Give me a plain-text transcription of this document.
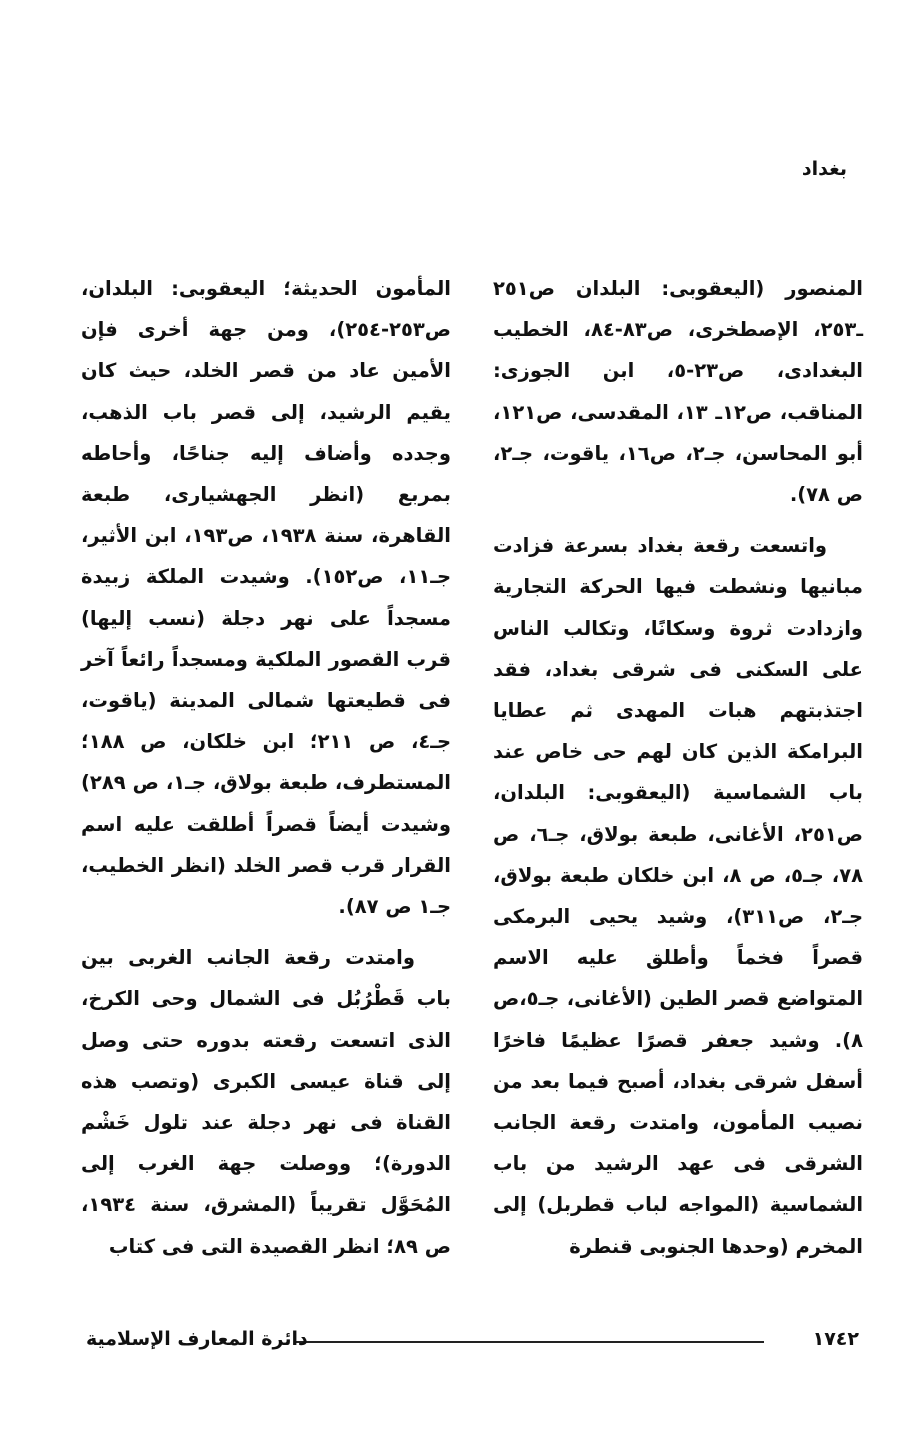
بغداد

المنصور (اليعقوبى: البلدان ص٢٥١ ـ٢٥٣، الإصطخرى، ص٨٣-٨٤، الخطيب البغدادى، ص٢٣-٥، ابن الجوزى: المناقب، ص١٢ـ ١٣، المقدسى، ص١٢١، أبو المحاسن، جـ٢، ص١٦، ياقوت، جـ٢، ص ٧٨).

واتسعت رقعة بغداد بسرعة فزادت مبانيها ونشطت فيها الحركة التجارية وازدادت ثروة وسكانًا، وتكالب الناس على السكنى فى شرقى بغداد، فقد اجتذبتهم هبات المهدى ثم عطايا البرامكة الذين كان لهم حى خاص عند باب الشماسية (اليعقوبى: البلدان، ص٢٥١، الأغانى، طبعة بولاق، جـ٦، ص ٧٨، جـ٥، ص ٨، ابن خلكان طبعة بولاق، جـ٢، ص٣١١)، وشيد يحيى البرمكى قصراً فخماً وأطلق عليه الاسم المتواضع قصر الطين (الأغانى، جـ٥،ص ٨). وشيد جعفر قصرًا عظيمًا فاخرًا أسفل شرقى بغداد، أصبح فيما بعد من نصيب المأمون، وامتدت رقعة الجانب الشرقى فى عهد الرشيد من باب الشماسية (المواجه لباب قطربل) إلى المخرم (وحدها الجنوبى قنطرة

المأمون الحديثة؛ اليعقوبى: البلدان، ص٢٥٣-٢٥٤)، ومن جهة أخرى فإن الأمين عاد من قصر الخلد، حيث كان يقيم الرشيد، إلى قصر باب الذهب، وجدده وأضاف إليه جناحًا، وأحاطه بمربع (انظر الجهشيارى، طبعة القاهرة، سنة ١٩٣٨، ص١٩٣، ابن الأثير، جـ١١، ص١٥٢). وشيدت الملكة زبيدة مسجداً على نهر دجلة (نسب إليها) قرب القصور الملكية ومسجداً رائعاً آخر فى قطيعتها شمالى المدينة (ياقوت، جـ٤، ص ٢١١؛ ابن خلكان، ص ١٨٨؛ المستطرف، طبعة بولاق، جـ١، ص ٢٨٩) وشيدت أيضاً قصراً أطلقت عليه اسم القرار قرب قصر الخلد (انظر الخطيب، جـ١ ص ٨٧).

وامتدت رقعة الجانب الغربى بين باب قَطْرُبُل فى الشمال وحى الكرخ، الذى اتسعت رقعته بدوره حتى وصل إلى قناة عيسى الكبرى (وتصب هذه القناة فى نهر دجلة عند تلول خَشْم الدورة)؛ ووصلت جهة الغرب إلى المُحَوَّل تقريباً (المشرق، سنة ١٩٣٤، ص ٨٩؛ انظر القصيدة التى فى كتاب

١٧٤٢
دائرة المعارف الإسلامية
